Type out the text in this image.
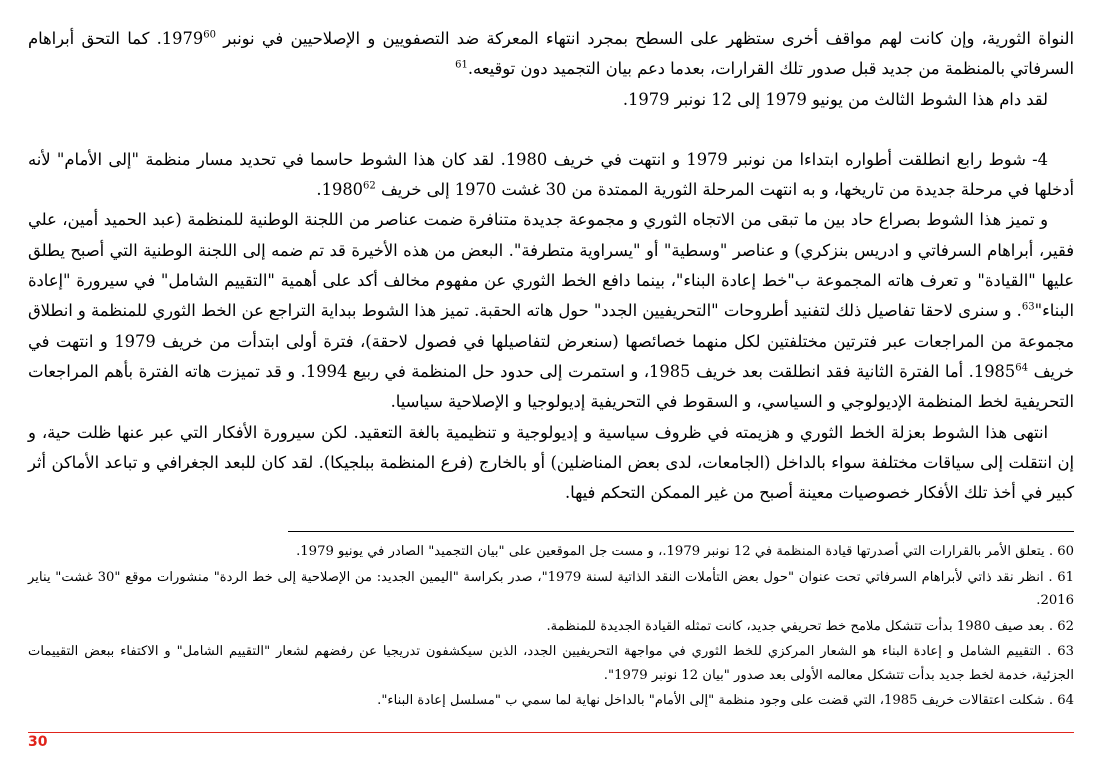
النواة الثورية، وإن كانت لهم مواقف أخرى ستظهر على السطح بمجرد انتهاء المعركة ضد التصفويين و الإصلاحيين في نونبر 1979$^{60}$. كما التحق أبراهام السرفاتي بالمنظمة من جديد قبل صدور تلك القرارات، بعدما دعم بيان التجميد دون توقيعه.$^{61}$

لقد دام هذا الشوط الثالث من يونيو 1979 إلى 12 نونبر 1979.

4- شوط رابع انطلقت أطواره ابتداءا من نونبر 1979 و انتهت في خريف 1980. لقد كان هذا الشوط حاسما في تحديد مسار منظمة "إلى الأمام" لأنه أدخلها في مرحلة جديدة من تاريخها، و به انتهت المرحلة الثورية الممتدة من 30 غشت 1970 إلى خريف 1980$^{62}$.

و تميز هذا الشوط بصراع حاد بين ما تبقى من الاتجاه الثوري و مجموعة جديدة متنافرة ضمت عناصر من اللجنة الوطنية للمنظمة (عبد الحميد أمين، علي فقير، أبراهام السرفاتي و ادريس بنزكري) و عناصر "وسطية" أو "يسراوية متطرفة". البعض من هذه الأخيرة قد تم ضمه إلى اللجنة الوطنية التي أصبح يطلق عليها "القيادة" و تعرف هاته المجموعة ب"خط إعادة البناء"، بينما دافع الخط الثوري عن مفهوم مخالف أكد على أهمية "التقييم الشامل" في سيرورة "إعادة البناء"$^{63}$. و سنرى لاحقا تفاصيل ذلك لتفنيد أطروحات "التحريفيين الجدد" حول هاته الحقبة. تميز هذا الشوط ببداية التراجع عن الخط الثوري للمنظمة و انطلاق مجموعة من المراجعات عبر فترتين مختلفتين لكل منهما خصائصها (سنعرض لتفاصيلها في فصول لاحقة)، فترة أولى ابتدأت من خريف 1979 و انتهت في خريف 1985$^{64}$. أما الفترة الثانية فقد انطلقت بعد خريف 1985، و استمرت إلى حدود حل المنظمة في ربيع 1994. و قد تميزت هاته الفترة بأهم المراجعات التحريفية لخط المنظمة الإديولوجي و السياسي، و السقوط في التحريفية إديولوجيا و الإصلاحية سياسيا.

انتهى هذا الشوط بعزلة الخط الثوري و هزيمته في ظروف سياسية و إديولوجية و تنظيمية بالغة التعقيد. لكن سيرورة الأفكار التي عبر عنها ظلت حية، و إن انتقلت إلى سياقات مختلفة سواء بالداخل (الجامعات، لدى بعض المناضلين) أو بالخارج (فرع المنظمة ببلجيكا). لقد كان للبعد الجغرافي و تباعد الأماكن أثر كبير في أخذ تلك الأفكار خصوصيات معينة أصبح من غير الممكن التحكم فيها.

60 . يتعلق الأمر بالقرارات التي أصدرتها قيادة المنظمة في 12 نونبر 1979.، و مست جل الموقعين على "بيان التجميد" الصادر في يونيو 1979.

61 . انظر نقد ذاتي لأبراهام السرفاتي تحت عنوان "حول بعض التأملات النقد الذاتية لسنة 1979"، صدر بكراسة "اليمين الجديد: من الإصلاحية إلى خط الردة" منشورات موقع "30 غشت" يناير 2016.

62 . بعد صيف 1980 بدأت تتشكل ملامح خط تحريفي جديد، كانت تمثله القيادة الجديدة للمنظمة.

63 . التقييم الشامل و إعادة البناء هو الشعار المركزي للخط الثوري في مواجهة التحريفيين الجدد، الذين سيكشفون تدريجيا عن رفضهم لشعار "التقييم الشامل" و الاكتفاء ببعض التقييمات الجزئية، خدمة لخط جديد بدأت تتشكل معالمه الأولى بعد صدور "بيان 12 نونبر 1979".

64 . شكلت اعتقالات خريف 1985، التي قضت على وجود منظمة "إلى الأمام" بالداخل نهاية لما سمي ب "مسلسل إعادة البناء".

30
